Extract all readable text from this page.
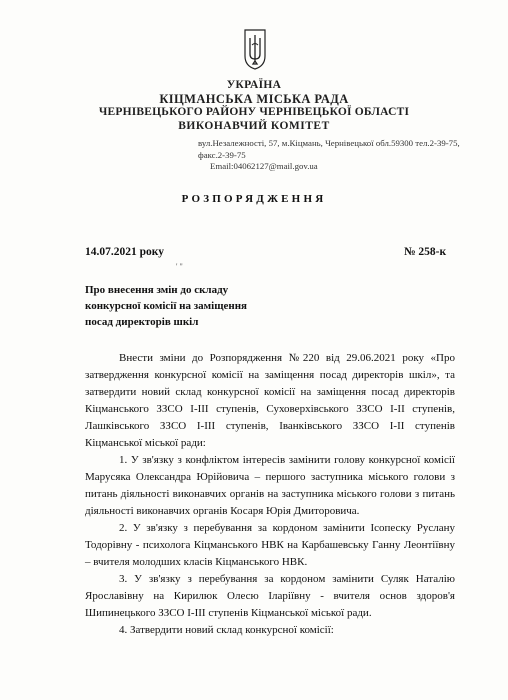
УКРАЇНА
КІЦМАНСЬКА МІСЬКА РАДА
ЧЕРНІВЕЦЬКОГО РАЙОНУ ЧЕРНІВЕЦЬКОЇ ОБЛАСТІ
ВИКОНАВЧИЙ КОМІТЕТ
вул.Незалежності, 57, м.Кіцмань, Чернівецької обл.59300 тел.2-39-75, факс.2-39-75
Email:04062127@mail.gov.ua
РОЗПОРЯДЖЕННЯ
14.07.2021 року	№ 258-к
' "
Про внесення змін до складу
конкурсної комісії на заміщення
посад директорів шкіл

Внести зміни до Розпорядження №220 від 29.06.2021 року «Про затвердження конкурсної комісії на заміщення посад директорів шкіл», та затвердити новий склад конкурсної комісії на заміщення посад директорів Кіцманського ЗЗСО І-ІІІ ступенів, Суховерхівського ЗЗСО І-ІІ ступенів, Лашківського ЗЗСО І-ІІІ ступенів, Іванківського ЗЗСО І-ІІ ступенів Кіцманської міської ради:

1. У зв'язку з конфліктом інтересів замінити голову конкурсної комісії Марусяка Олександра Юрійовича – першого заступника міського голови з питань діяльності виконавчих органів на заступника міського голови з питань діяльності виконавчих органів Косаря Юрія Дмиторовича.

2. У зв'язку з перебування за кордоном замінити Ісопеску Руслану Тодорівну - психолога Кіцманського НВК на Карбашевську Ганну Леонтіївну – вчителя молодших класів Кіцманського НВК.

3. У зв'язку з перебування за кордоном замінити Суляк Наталію Ярославівну на Кирилюк Олесю Іларіївну - вчителя основ здоров'я Шипинецького ЗЗСО І-ІІІ ступенів Кіцманської міської ради.

4. Затвердити новий склад конкурсної комісії:
